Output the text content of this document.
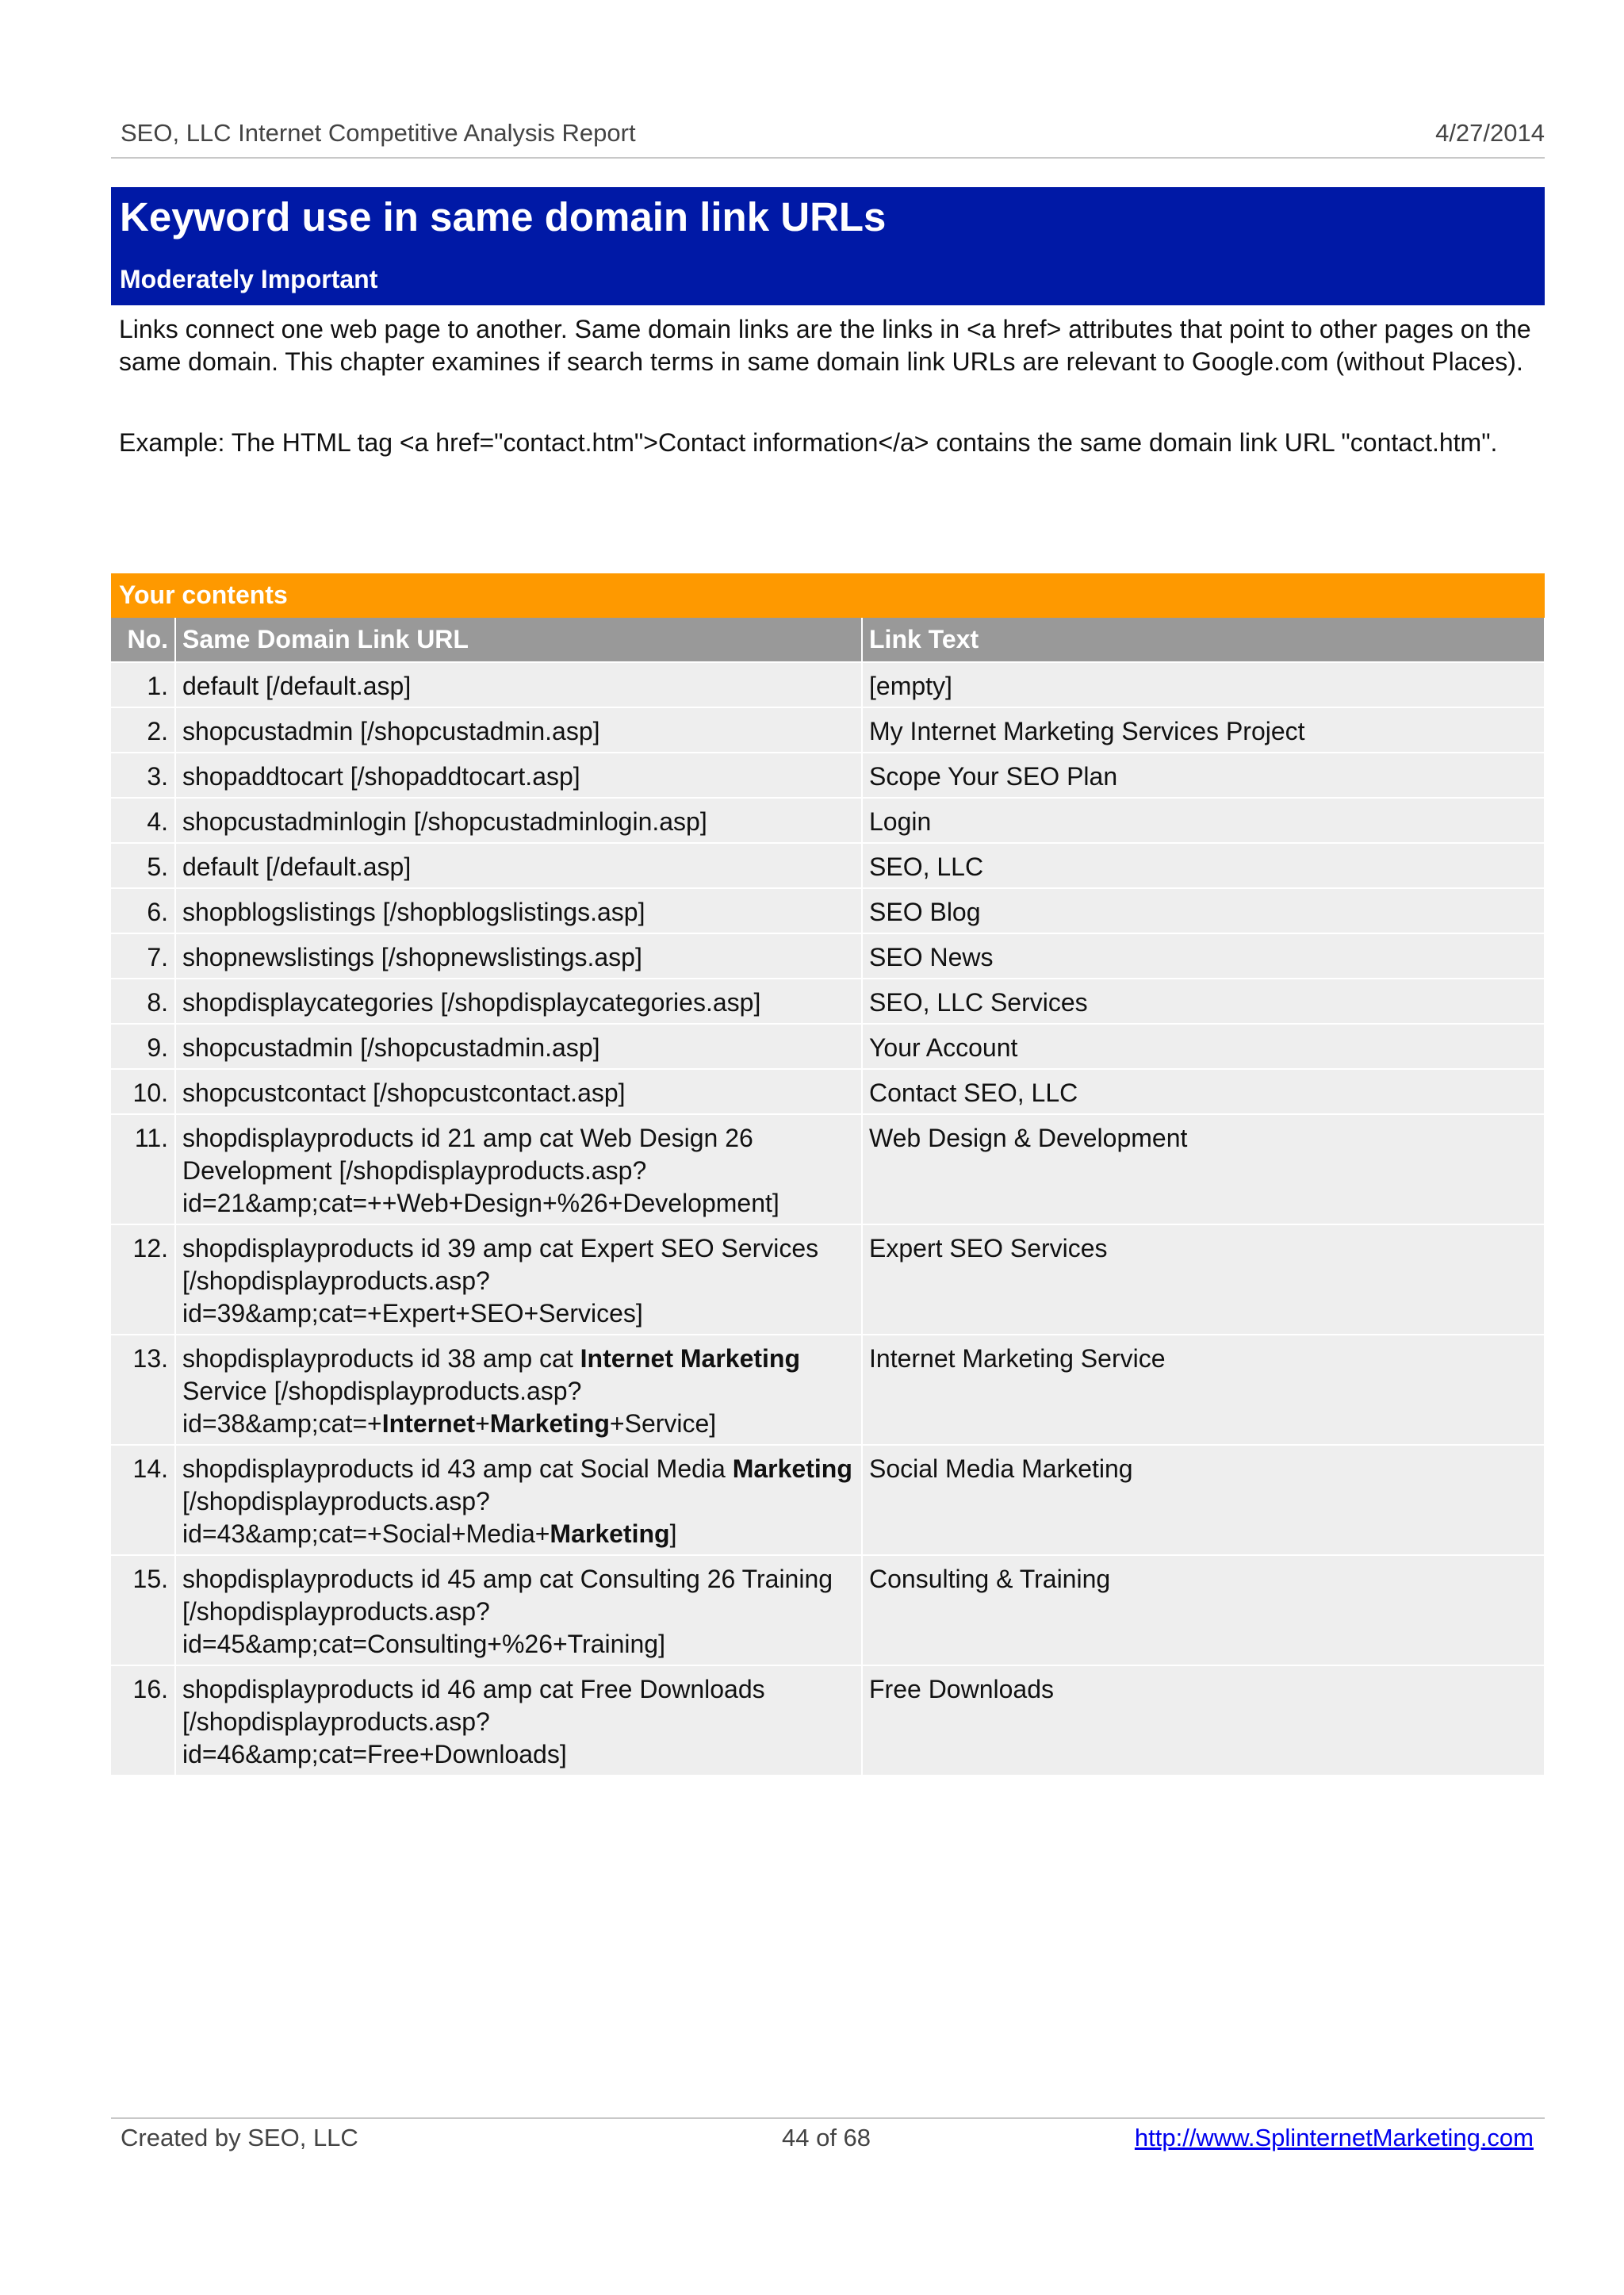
SEO, LLC Internet Competitive Analysis Report	4/27/2014
Keyword use in same domain link URLs
Moderately Important

Links connect one web page to another. Same domain links are the links in <a href> attributes that point to other pages on the same domain. This chapter examines if search terms in same domain link URLs are relevant to Google.com (without Places).

Example: The HTML tag <a href="contact.htm">Contact information</a> contains the same domain link URL "contact.htm".

Your contents
No.	Same Domain Link URL	Link Text
1.	default [/default.asp]	[empty]
2.	shopcustadmin [/shopcustadmin.asp]	My Internet Marketing Services Project
3.	shopaddtocart [/shopaddtocart.asp]	Scope Your SEO Plan
4.	shopcustadminlogin [/shopcustadminlogin.asp]	Login
5.	default [/default.asp]	SEO, LLC
6.	shopblogslistings [/shopblogslistings.asp]	SEO Blog
7.	shopnewslistings [/shopnewslistings.asp]	SEO News
8.	shopdisplaycategories [/shopdisplaycategories.asp]	SEO, LLC Services
9.	shopcustadmin [/shopcustadmin.asp]	Your Account
10.	shopcustcontact [/shopcustcontact.asp]	Contact SEO, LLC
11.	shopdisplayproducts id 21 amp cat Web Design 26 Development [/shopdisplayproducts.asp?id=21&amp;cat=++Web+Design+%26+Development]	Web Design & Development
12.	shopdisplayproducts id 39 amp cat Expert SEO Services [/shopdisplayproducts.asp?id=39&amp;cat=+Expert+SEO+Services]	Expert SEO Services
13.	shopdisplayproducts id 38 amp cat Internet Marketing Service [/shopdisplayproducts.asp?id=38&amp;cat=+Internet+Marketing+Service]	Internet Marketing Service
14.	shopdisplayproducts id 43 amp cat Social Media Marketing [/shopdisplayproducts.asp?id=43&amp;cat=+Social+Media+Marketing]	Social Media Marketing
15.	shopdisplayproducts id 45 amp cat Consulting 26 Training [/shopdisplayproducts.asp?id=45&amp;cat=Consulting+%26+Training]	Consulting & Training
16.	shopdisplayproducts id 46 amp cat Free Downloads [/shopdisplayproducts.asp?id=46&amp;cat=Free+Downloads]	Free Downloads
Created by SEO, LLC	44 of 68	http://www.SplinternetMarketing.com
